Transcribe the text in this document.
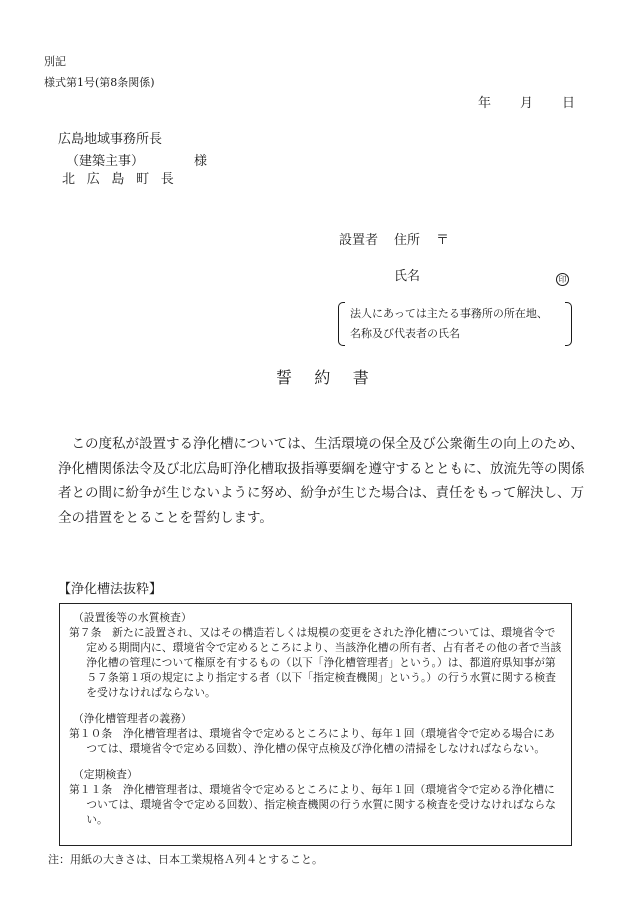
別記
様式第1号(第8条関係)
年 月 日
広島地域事務所長
（建築主事）	様
北広島町長
設置者 住所 〒
氏名	印
法人にあっては主たる事務所の所在地、
名称及び代表者の氏名
誓約書

この度私が設置する浄化槽については、生活環境の保全及び公衆衛生の向上のため、浄化槽関係法令及び北広島町浄化槽取扱指導要綱を遵守するとともに、放流先等の関係者との間に紛争が生じないように努め、紛争が生じた場合は、責任をもって解決し、万全の措置をとることを誓約します。

【浄化槽法抜粋】
（設置後等の水質検査）

第７条　新たに設置され、又はその構造若しくは規模の変更をされた浄化槽については、環境省令で定める期間内に、環境省令で定めるところにより、当該浄化槽の所有者、占有者その他の者で当該浄化槽の管理について権原を有するもの（以下「浄化槽管理者」という。）は、都道府県知事が第５７条第１項の規定により指定する者（以下「指定検査機関」という。）の行う水質に関する検査を受けなければならない。

（浄化槽管理者の義務）

第１０条　浄化槽管理者は、環境省令で定めるところにより、毎年１回（環境省令で定める場合にあつては、環境省令で定める回数）、浄化槽の保守点検及び浄化槽の清掃をしなければならない。

（定期検査）

第１１条　浄化槽管理者は、環境省令で定めるところにより、毎年１回（環境省令で定める浄化槽については、環境省令で定める回数）、指定検査機関の行う水質に関する検査を受けなければならない。

注：用紙の大きさは、日本工業規格Ａ列４とすること。
